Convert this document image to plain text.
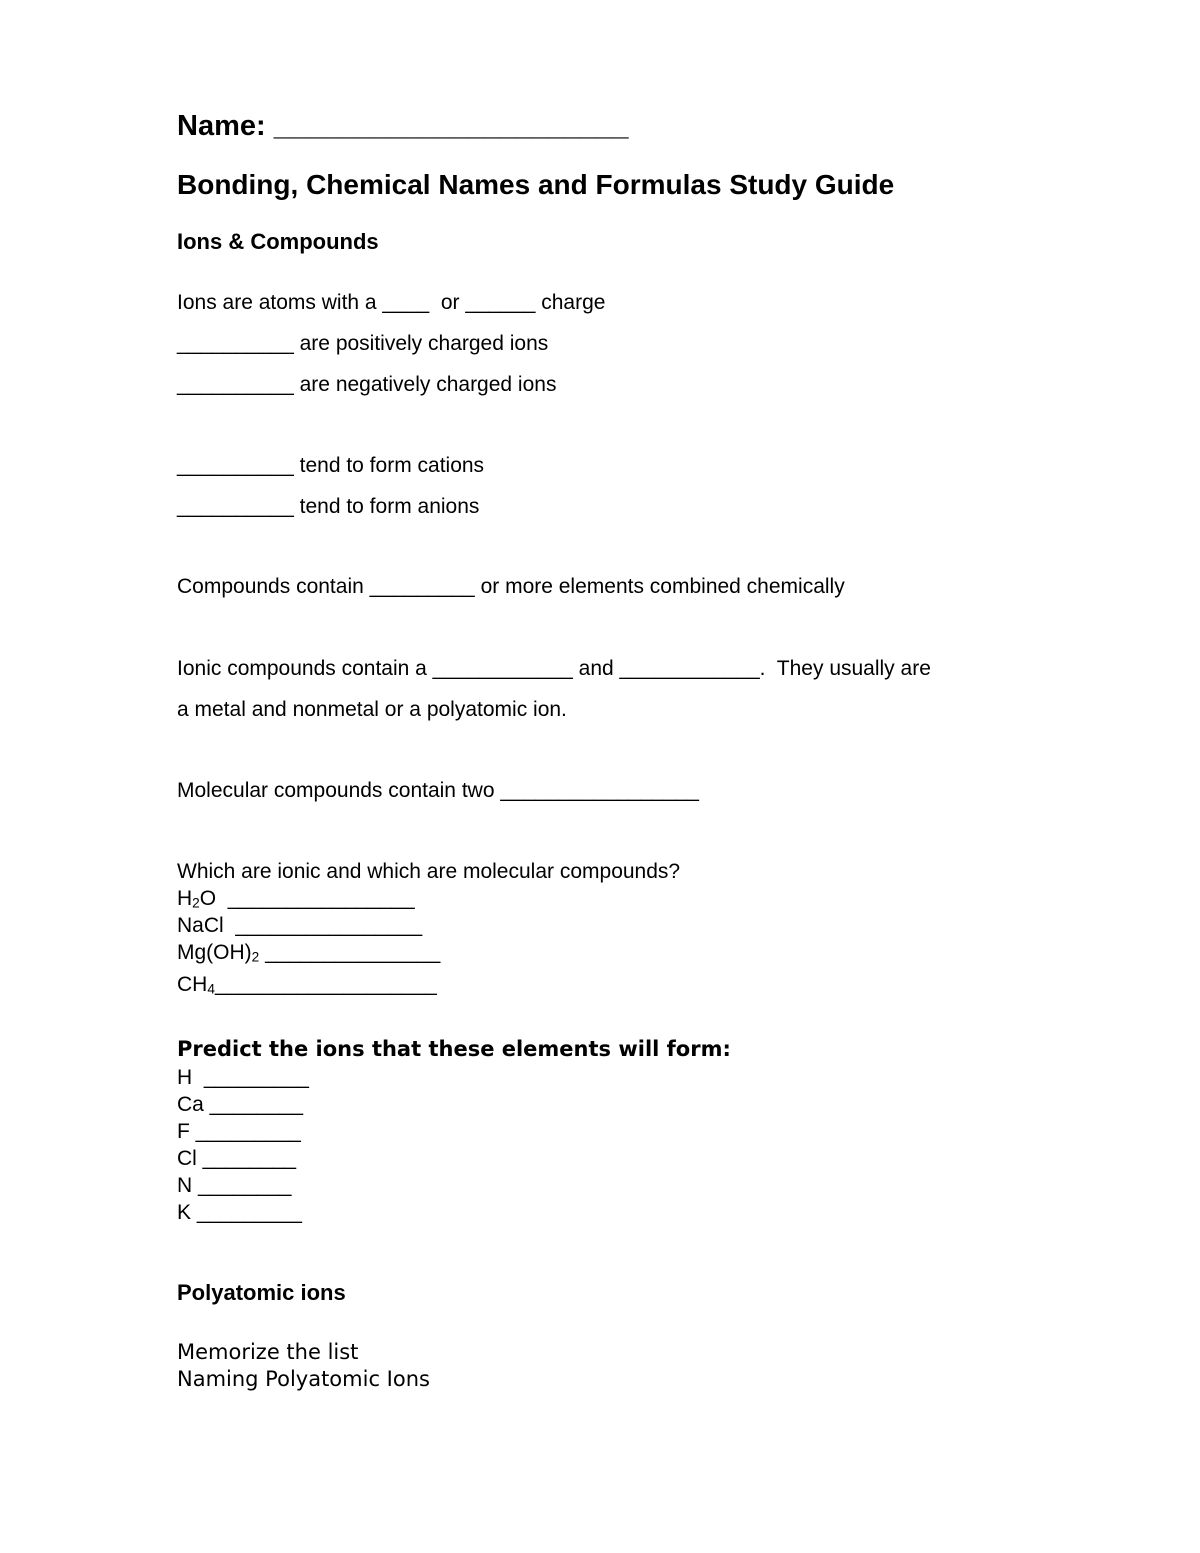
Name: ______________________

Bonding, Chemical Names and Formulas Study Guide

Ions & Compounds

Ions are atoms with a ____  or ______ charge

__________ are positively charged ions

__________ are negatively charged ions

__________ tend to form cations

__________ tend to form anions

Compounds contain _________ or more elements combined chemically

Ionic compounds contain a ____________ and ____________.  They usually are

a metal and nonmetal or a polyatomic ion.

Molecular compounds contain two _________________

Which are ionic and which are molecular compounds?

$H_2O$  ________________

NaCl  ________________

$Mg(OH)_2$ _______________

$CH_4\_\_\_\_\_\_\_\_\_\_\_\_\_\_\_\_\_\_\_$

Predict the ions that these elements will form:

H  _________

Ca ________

F _________

Cl ________

N ________

K _________

Polyatomic ions

Memorize the list

Naming Polyatomic Ions
